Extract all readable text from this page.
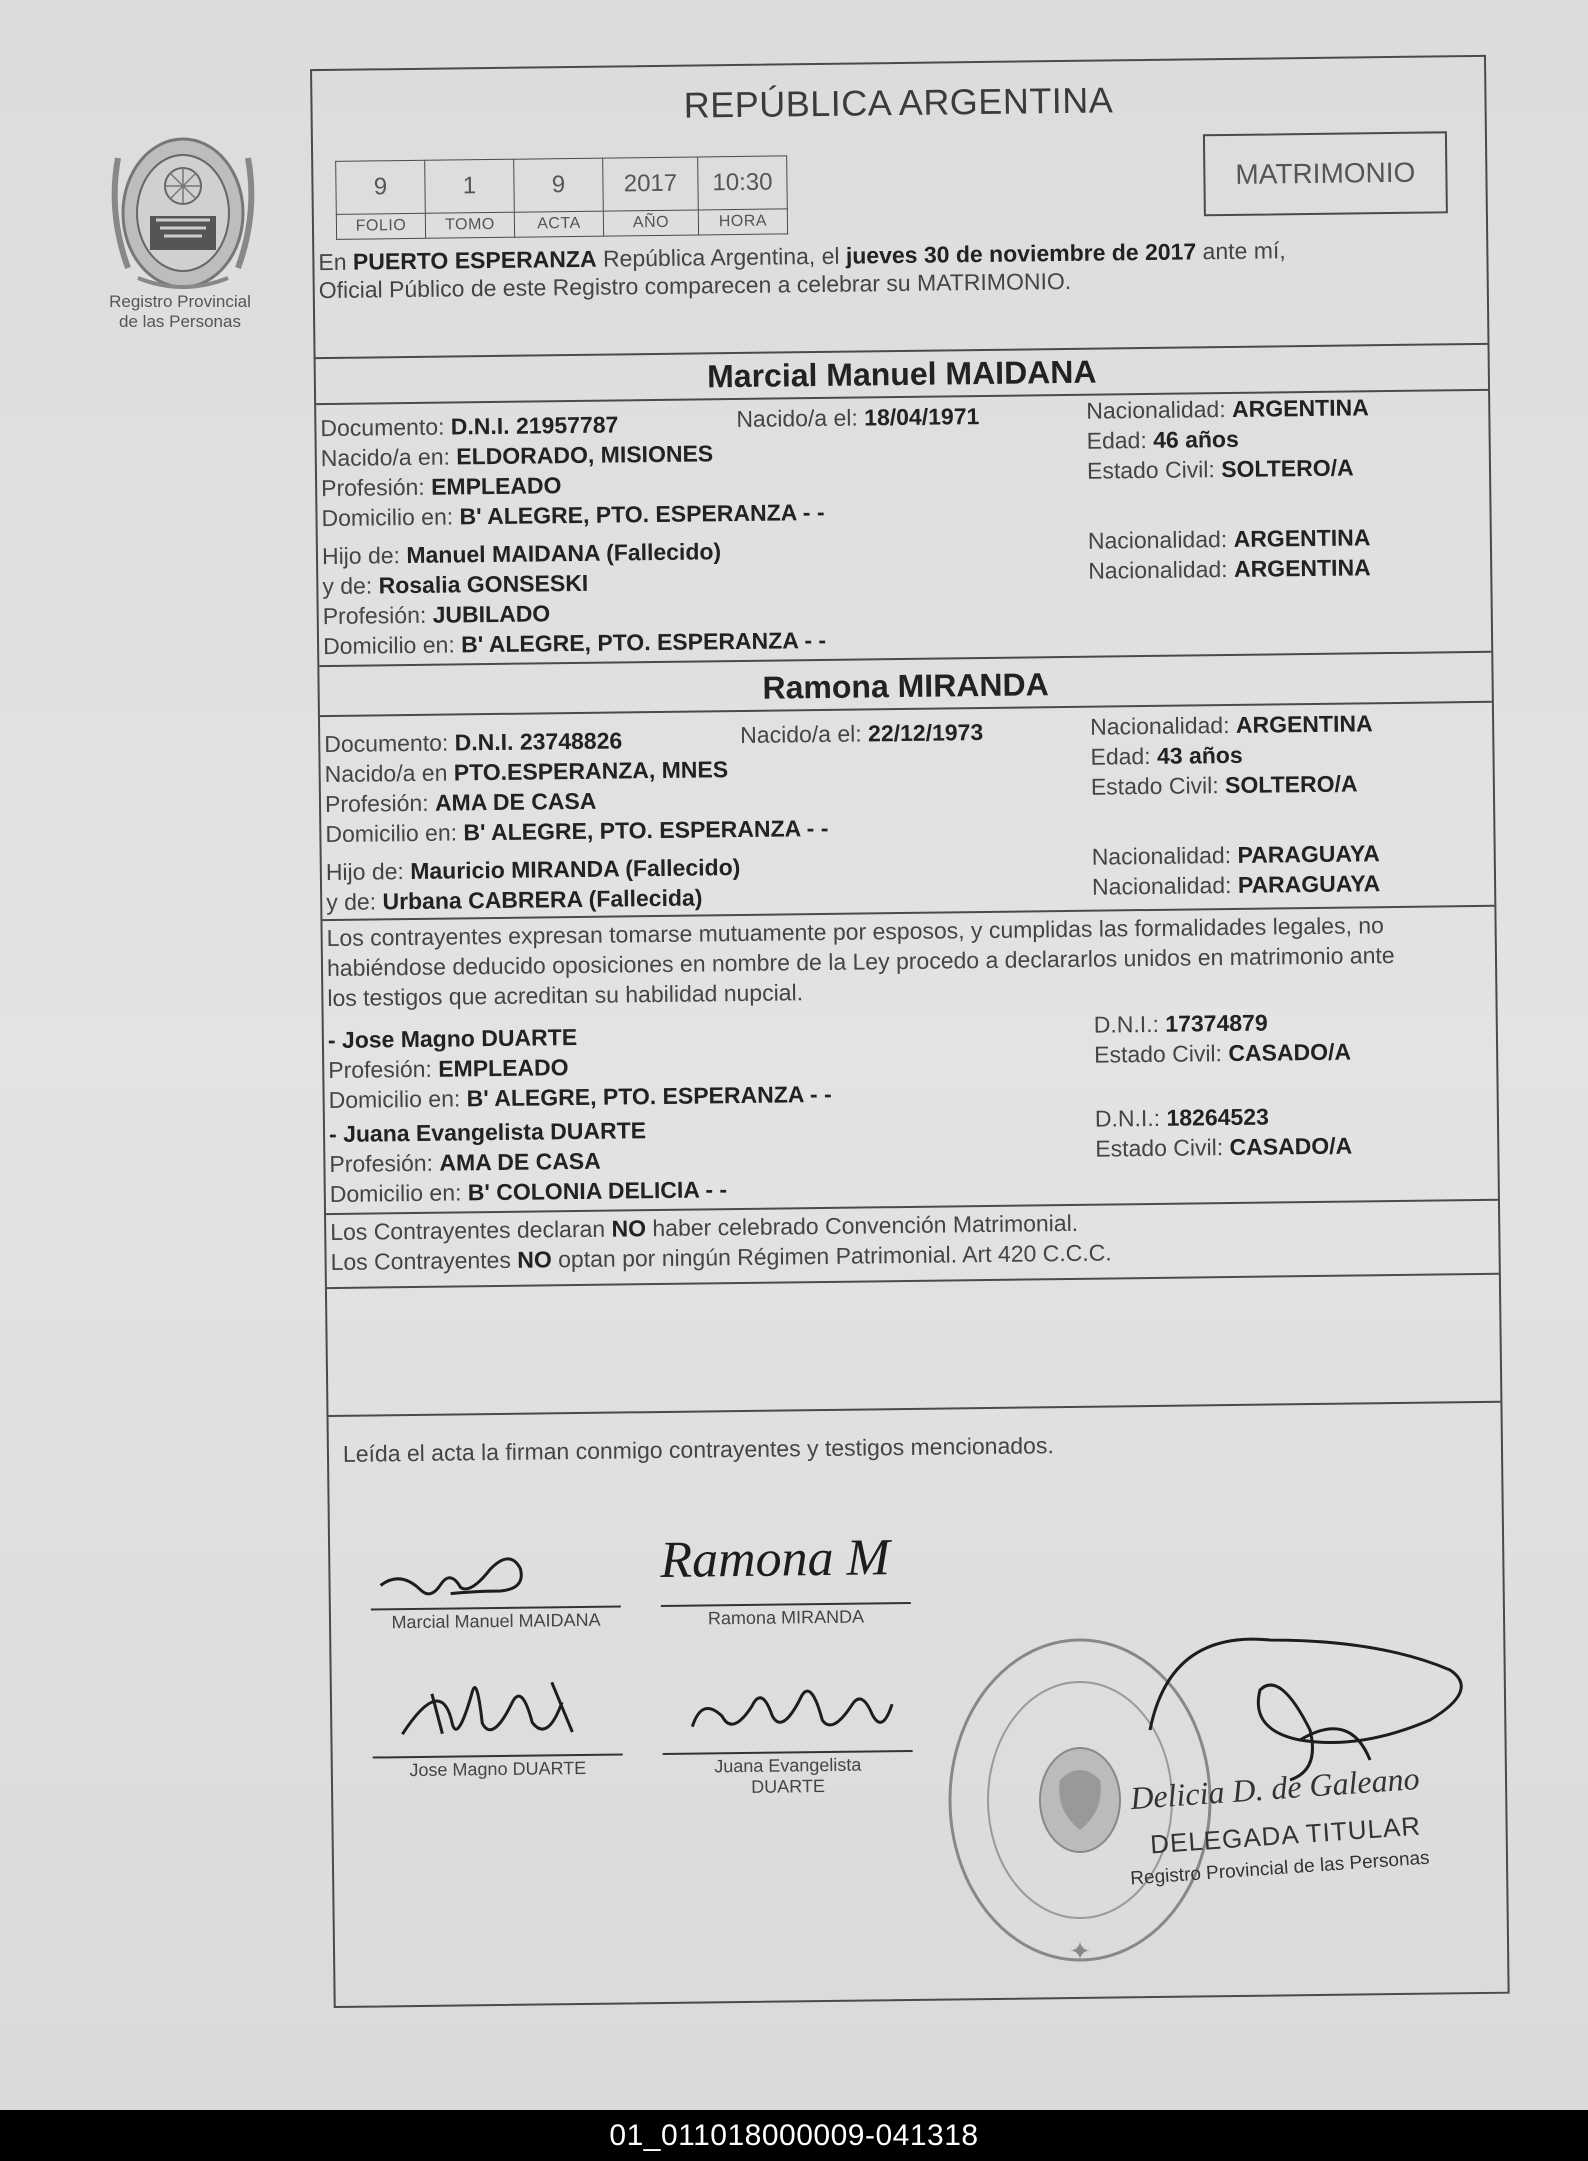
Registro Provincial
de las Personas
REPÚBLICA ARGENTINA
9	1	9	2017	10:30
FOLIO	TOMO	ACTA	AÑO	HORA
MATRIMONIO
En PUERTO ESPERANZA República Argentina, el jueves 30 de noviembre de 2017 ante mí,
Oficial Público de este Registro comparecen a celebrar su MATRIMONIO.
Marcial Manuel MAIDANA
Documento: D.N.I. 21957787	Nacido/a el: 18/04/1971	Nacionalidad: ARGENTINA
Nacido/a en: ELDORADO, MISIONES	Edad: 46 años
Profesión: EMPLEADO
Estado Civil: SOLTERO/A
Domicilio en: B' ALEGRE, PTO. ESPERANZA - -
Hijo de: Manuel MAIDANA (Fallecido)	Nacionalidad: ARGENTINA
y de: Rosalia GONSESKI
Nacionalidad: ARGENTINA
Profesión: JUBILADO
Domicilio en: B' ALEGRE, PTO. ESPERANZA - -
Ramona MIRANDA
Documento: D.N.I. 23748826	Nacido/a el: 22/12/1973	Nacionalidad: ARGENTINA
Nacido/a en PTO.ESPERANZA, MNES	Edad: 43 años
Profesión: AMA DE CASA
Estado Civil: SOLTERO/A
Domicilio en: B' ALEGRE, PTO. ESPERANZA - -
Hijo de: Mauricio MIRANDA (Fallecido)	Nacionalidad: PARAGUAYA
y de: Urbana CABRERA (Fallecida)	Nacionalidad: PARAGUAYA
Los contrayentes expresan tomarse mutuamente por esposos, y cumplidas las formalidades legales, no
habiéndose deducido oposiciones en nombre de la Ley procedo a declararlos unidos en matrimonio ante
los testigos que acreditan su habilidad nupcial.
- Jose Magno DUARTE	D.N.I.: 17374879
Profesión: EMPLEADO
Estado Civil: CASADO/A
Domicilio en: B' ALEGRE, PTO. ESPERANZA - -
- Juana Evangelista DUARTE	D.N.I.: 18264523
Profesión: AMA DE CASA	Estado Civil: CASADO/A
Domicilio en: B' COLONIA DELICIA - -
Los Contrayentes declaran NO haber celebrado Convención Matrimonial.
Los Contrayentes NO optan por ningún Régimen Patrimonial. Art 420 C.C.C.
Leída el acta la firman conmigo contrayentes y testigos mencionados.
Marcial Manuel MAIDANA
Ramona M
Ramona MIRANDA
Jose Magno DUARTE	Juana Evangelista
DUARTE
✦
Delicia D. de Galeano
DELEGADA TITULAR
Registro Provincial de las Personas
01_011018000009-041318
